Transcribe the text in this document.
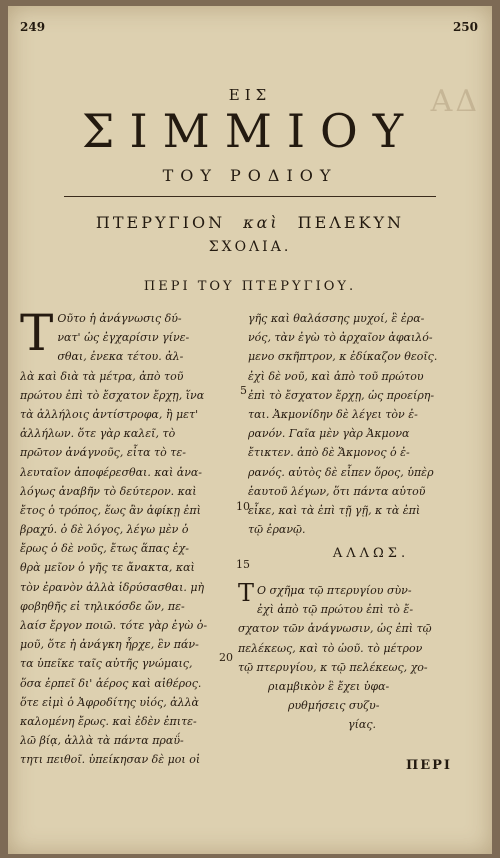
249	250
ΑΔ
ΕΙΣ
ΣΙΜΜΙΟΥ
ΤΟΥ ΡΟΔΙΟΥ
ΠΤΕΡΥΓΙΟΝ καὶ ΠΕΛΕΚΥΝ
ΣΧΟΛΙΑ.
ΠΕΡΙ ΤΟΥ ΠΤΕΡΥΓΙΟΥ.
Τ Οῦτο ἡ ἀνάγνωσις δύ-
νατ' ὡς ἐγχαρίσιν γίνε-
σθαι, ἐνεκα τέτου. ἀλ-
λὰ καὶ διὰ τὰ μέτρα, ἀπὸ τοῦ
πρώτου ἐπὶ τὸ ἔσχατον ἔρχῃ, ἵνα
τὰ ἀλλήλοις ἀντίστροφα, ἢ μετ'
ἀλλήλων. ὅτε γὰρ καλεῖ, τὸ
πρῶτον ἀνάγνοῦς, εἶτα τὸ τε-
λευταῖον ἀποφέρεσθαι. καὶ ἀνα-
λόγως ἀναβῆν τὸ δεύτερον. καὶ
ἔτος ὁ τρόπος, ἕως ἂν ἀφίκῃ ἐπὶ
βραχύ. ὁ δὲ λόγος, λέγω μὲν ὁ
ἔρως ὁ δὲ νοῦς, ἔτως ἅπας ἐχ-
θρὰ μεῖον ὁ γῆς τε ἄνακτα, καὶ
τὸν ἐρανὸν ἀλλὰ ἱδρύσασθαι. μὴ
φοβηθῆς εἰ τηλικόσδε ὤν, πε-
λαίσ ἔργον ποιῶ. τότε γὰρ ἐγὼ ὁ-
μοῦ, ὅτε ἡ ἀνάγκη ἦρχε, ἓν πάν-
τα ὑπεῖκε ταῖς αὐτῆς γνώμαις,
ὅσα ἐρπεῖ δι' ἀέρος καὶ αἰθέρος.
ὅτε εἰμὶ ὁ Ἀφροδίτης υἱός, ἀλλὰ
καλομένη ἔρως. καὶ ἐδὲν ἐπιτε-
λῶ βίᾳ, ἀλλὰ τὰ πάντα πραΰ-
τητι πειθοῖ. ὑπείκησαν δὲ μοι οἱ
γῆς καὶ θαλάσσης μυχοί, ἓ ἐρα-
νός, τὰν ἐγὼ τὸ ἀρχαῖον ἀφαιλό-
μενο σκῆπτρον, κ ἐδίκαζον θεοῖς.
ἐχὶ δὲ νοῦ, καὶ ἀπὸ τοῦ πρώτου
ἐπὶ τὸ ἔσχατον ἔρχῃ, ὡς προείρη-
ται. Ἀκμονίδην δὲ λέγει τὸν ἐ-
ρανόν. Γαῖα μὲν γὰρ Ἀκμονα
ἔτικτεν. ἀπὸ δὲ Ἄκμονος ὁ ἐ-
ρανός. αὐτὸς δὲ εἶπεν ὅρος, ὑπὲρ
ἑαυτοῦ λέγων, ὅτι πάντα αὐτοῦ
εἶκε, καὶ τὰ ἐπὶ τῇ γῇ, κ τὰ ἐπὶ
τῷ ἐρανῷ.
5
10
15
20
ΑΛΛΩΣ.
Τ Ο σχῆμα τῷ πτερυγίου σὺν-
ἐχὶ ἀπὸ τῷ πρώτου ἐπὶ τὸ ἔ-
σχατον τῶν ἀνάγνωσιν, ὡς ἐπὶ τῷ
πελέκεως, καὶ τὸ ὠοῦ. τὸ μέτρον
τῷ πτερυγίου, κ τῷ πελέκεως, χο-
ριαμβικὸν ἓ ἔχει ὑφα-
ρυθμήσεις συζυ-
γίας.
ΠΕΡΙ
